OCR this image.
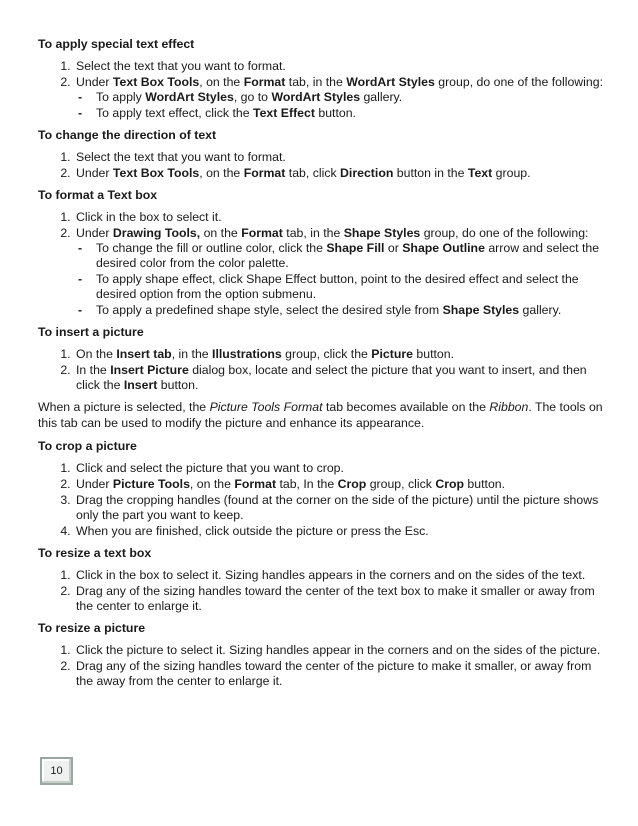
To apply special text effect
1. Select the text that you want to format.
2. Under Text Box Tools, on the Format tab, in the WordArt Styles group, do one of the following:
- To apply WordArt Styles, go to WordArt Styles gallery.
- To apply text effect, click the Text Effect button.
To change the direction of text
1. Select the text that you want to format.
2. Under Text Box Tools, on the Format tab, click Direction button in the Text group.
To format a Text box
1. Click in the box to select it.
2. Under Drawing Tools, on the Format tab, in the Shape Styles group, do one of the following:
- To change the fill or outline color, click the Shape Fill or Shape Outline arrow and select the desired color from the color palette.
- To apply shape effect, click Shape Effect button, point to the desired effect and select the desired option from the option submenu.
- To apply a predefined shape style, select the desired style from Shape Styles gallery.
To insert a picture
1. On the Insert tab, in the Illustrations group, click the Picture button.
2. In the Insert Picture dialog box, locate and select the picture that you want to insert, and then click the Insert button.
When a picture is selected, the Picture Tools Format tab becomes available on the Ribbon. The tools on this tab can be used to modify the picture and enhance its appearance.
To crop a picture
1. Click and select the picture that you want to crop.
2. Under Picture Tools, on the Format tab, In the Crop group, click Crop button.
3. Drag the cropping handles (found at the corner on the side of the picture) until the picture shows only the part you want to keep.
4. When you are finished, click outside the picture or press the Esc.
To resize a text box
1. Click in the box to select it. Sizing handles appears in the corners and on the sides of the text.
2. Drag any of the sizing handles toward the center of the text box to make it smaller or away from the center to enlarge it.
To resize a picture
1. Click the picture to select it. Sizing handles appear in the corners and on the sides of the picture.
2. Drag any of the sizing handles toward the center of the picture to make it smaller, or away from the away from the center to enlarge it.
10
